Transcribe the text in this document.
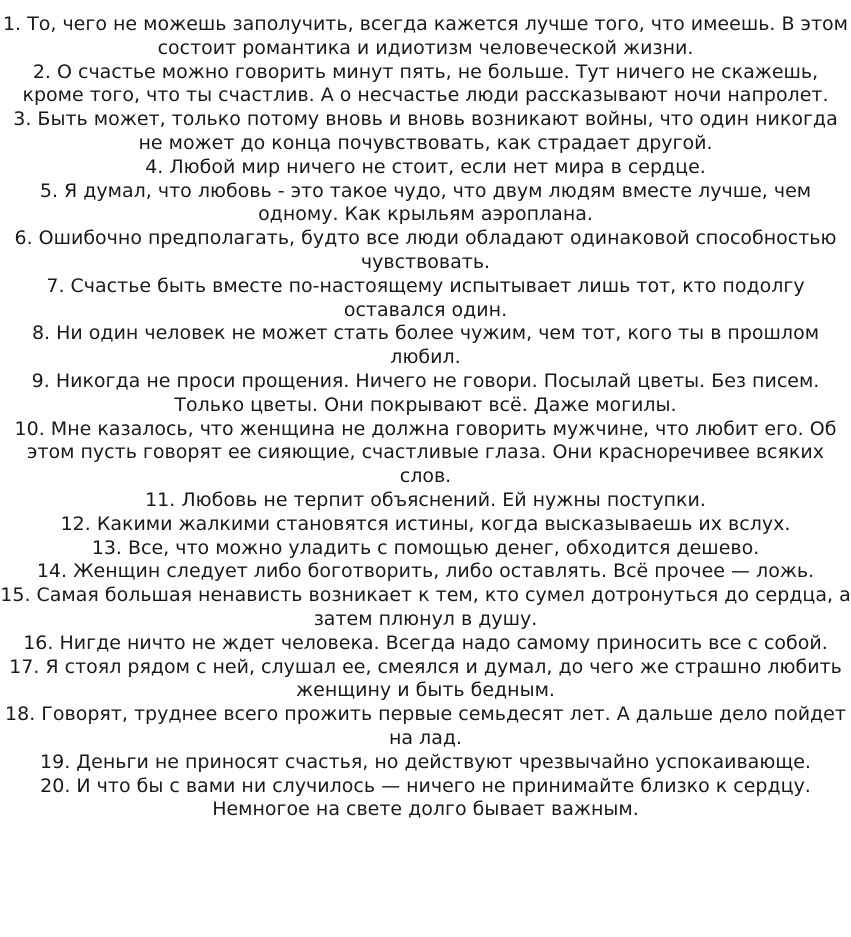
1. То, чего не можешь заполучить, всегда кажется лучше того, что имеешь. В этом состоит романтика и идиотизм человеческой жизни.

2. О счастье можно говорить минут пять, не больше. Тут ничего не скажешь, кроме того, что ты счастлив. А о несчастье люди рассказывают ночи напролет.

3. Быть может, только потому вновь и вновь возникают войны, что один никогда не может до конца почувствовать, как страдает другой.

4. Любой мир ничего не стоит, если нет мира в сердце.

5. Я думал, что любовь - это такое чудо, что двум людям вместе лучше, чем одному. Как крыльям аэроплана.

6. Ошибочно предполагать, будто все люди обладают одинаковой способностью чувствовать.

7. Счастье быть вместе по-настоящему испытывает лишь тот, кто подолгу оставался один.

8. Ни один человек не может стать более чужим, чем тот, кого ты в прошлом любил.

9. Никогда не проси прощения. Ничего не говори. Посылай цветы. Без писем. Только цветы. Они покрывают всё. Даже могилы.

10. Мне казалось, что женщина не должна говорить мужчине, что любит его. Об этом пусть говорят ее сияющие, счастливые глаза. Они красноречивее всяких слов.

11. Любовь не терпит объяснений. Ей нужны поступки.

12. Какими жалкими становятся истины, когда высказываешь их вслух.

13. Все, что можно уладить с помощью денег, обходится дешево.

14. Женщин следует либо боготворить, либо оставлять. Всё прочее — ложь.

15. Самая большая ненависть возникает к тем, кто сумел дотронуться до сердца, а затем плюнул в душу.

16. Нигде ничто не ждет человека. Всегда надо самому приносить все с собой.

17. Я стоял рядом с ней, слушал ее, смеялся и думал, до чего же страшно любить женщину и быть бедным.

18. Говорят, труднее всего прожить первые семьдесят лет. А дальше дело пойдет на лад.

19. Деньги не приносят счастья, но действуют чрезвычайно успокаивающе.

20. И что бы с вами ни случилось — ничего не принимайте близко к сердцу. Немногое на свете долго бывает важным.
